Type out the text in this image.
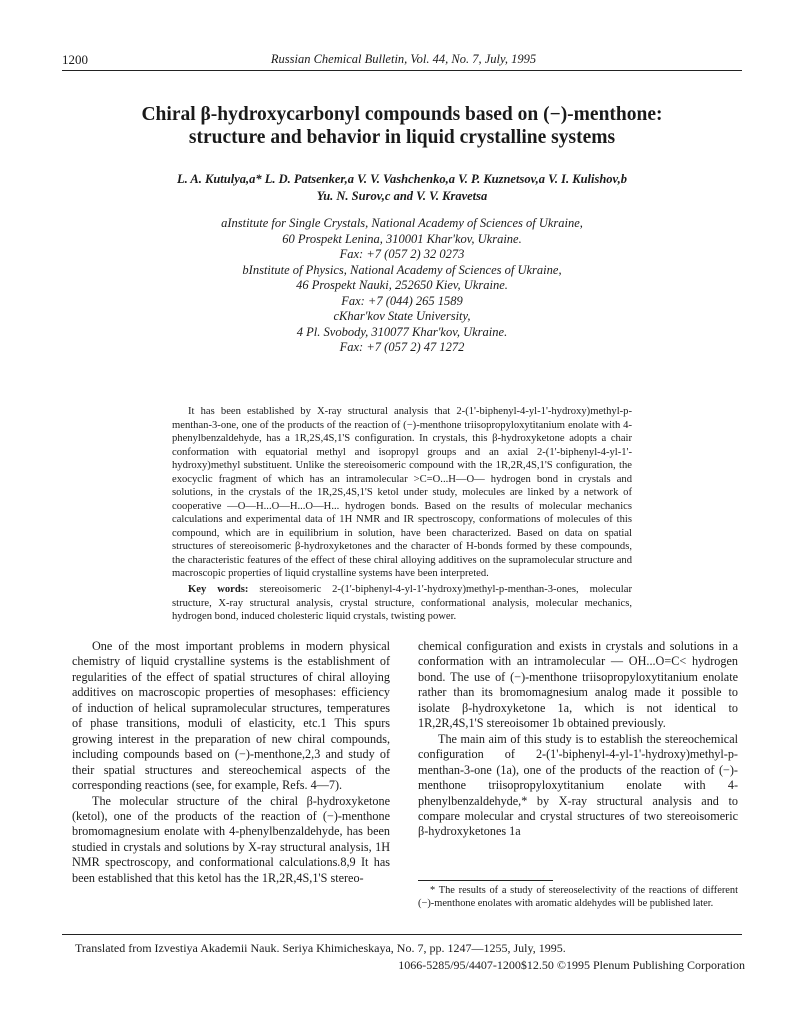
1200	Russian Chemical Bulletin, Vol. 44, No. 7, July, 1995
Chiral β-hydroxycarbonyl compounds based on (−)-menthone:
structure and behavior in liquid crystalline systems
L. A. Kutulya,a* L. D. Patsenker,a V. V. Vashchenko,a V. P. Kuznetsov,a V. I. Kulishov,b
Yu. N. Surov,c and V. V. Kravetsa
aInstitute for Single Crystals, National Academy of Sciences of Ukraine,
60 Prospekt Lenina, 310001 Khar'kov, Ukraine.
Fax: +7 (057 2) 32 0273
bInstitute of Physics, National Academy of Sciences of Ukraine,
46 Prospekt Nauki, 252650 Kiev, Ukraine.
Fax: +7 (044) 265 1589
cKhar'kov State University,
4 Pl. Svobody, 310077 Khar'kov, Ukraine.
Fax: +7 (057 2) 47 1272

It has been established by X-ray structural analysis that 2-(1'-biphenyl-4-yl-1'-hydroxy)methyl-p-menthan-3-one, one of the products of the reaction of (−)-menthone triisopropyloxytitanium enolate with 4-phenylbenzaldehyde, has a 1R,2S,4S,1'S configuration. In crystals, this β-hydroxyketone adopts a chair conformation with equatorial methyl and isopropyl groups and an axial 2-(1'-biphenyl-4-yl-1'-hydroxy)methyl substituent. Unlike the stereoisomeric compound with the 1R,2R,4S,1'S configuration, the exocyclic fragment of which has an intramolecular >C=O...H—O— hydrogen bond in crystals and solutions, in the crystals of the 1R,2S,4S,1'S ketol under study, molecules are linked by a network of cooperative —O—H...O—H...O—H... hydrogen bonds. Based on the results of molecular mechanics calculations and experimental data of 1H NMR and IR spectroscopy, conformations of molecules of this compound, which are in equilibrium in solution, have been characterized. Based on data on spatial structures of stereoisomeric β-hydroxyketones and the character of H-bonds formed by these compounds, the characteristic features of the effect of these chiral alloying additives on the supramolecular structure and macroscopic properties of liquid crystalline systems have been interpreted.

Key words: stereoisomeric 2-(1'-biphenyl-4-yl-1'-hydroxy)methyl-p-menthan-3-ones, molecular structure, X-ray structural analysis, crystal structure, conformational analysis, molecular mechanics, hydrogen bond, induced cholesteric liquid crystals, twisting power.

One of the most important problems in modern physical chemistry of liquid crystalline systems is the establishment of regularities of the effect of spatial structures of chiral alloying additives on macroscopic properties of mesophases: efficiency of induction of helical supramolecular structures, temperatures of phase transitions, moduli of elasticity, etc.1 This spurs growing interest in the preparation of new chiral compounds, including compounds based on (−)-menthone,2,3 and study of their spatial structures and stereochemical aspects of the corresponding reactions (see, for example, Refs. 4—7).

The molecular structure of the chiral β-hydroxyketone (ketol), one of the products of the reaction of (−)-menthone bromomagnesium enolate with 4-phenylbenzaldehyde, has been studied in crystals and solutions by X-ray structural analysis, 1H NMR spectroscopy, and conformational calculations.8,9 It has been established that this ketol has the 1R,2R,4S,1'S stereo-

chemical configuration and exists in crystals and solutions in a conformation with an intramolecular — OH...O=C< hydrogen bond. The use of (−)-menthone triisopropyloxytitanium enolate rather than its bromomagnesium analog made it possible to isolate β-hydroxyketone 1a, which is not identical to 1R,2R,4S,1'S stereoisomer 1b obtained previously.

The main aim of this study is to establish the stereochemical configuration of 2-(1'-biphenyl-4-yl-1'-hydroxy)methyl-p-menthan-3-one (1a), one of the products of the reaction of (−)-menthone triisopropyloxytitanium enolate with 4-phenylbenzaldehyde,* by X-ray structural analysis and to compare molecular and crystal structures of two stereoisomeric β-hydroxyketones 1a

* The results of a study of stereoselectivity of the reactions of different (−)-menthone enolates with aromatic aldehydes will be published later.

Translated from Izvestiya Akademii Nauk. Seriya Khimicheskaya, No. 7, pp. 1247—1255, July, 1995.
1066-5285/95/4407-1200$12.50 ©1995 Plenum Publishing Corporation
